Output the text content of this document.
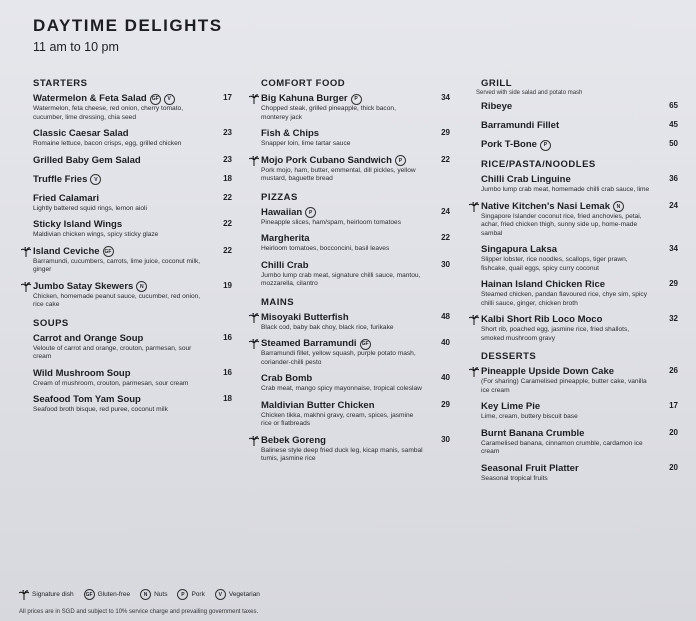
DAYTIME DELIGHTS
11 am to 10 pm
STARTERS
Watermelon & Feta Salad	GF	V	17
Watermelon, feta cheese, red onion, cherry tomato, cucumber, lime dressing, chia seed
Classic Caesar Salad	23
Romaine lettuce, bacon crisps, egg, grilled chicken
Grilled Baby Gem Salad	23
Truffle Fries	V	18
Fried Calamari	22
Lightly battered squid rings, lemon aioli
Sticky Island Wings	22
Maldivian chicken wings, spicy sticky glaze
Island Ceviche	GF	22
Barramundi, cucumbers, carrots, lime juice, coconut milk, ginger
Jumbo Satay Skewers	N	19
Chicken, homemade peanut sauce, cucumber, red onion, rice cake
SOUPS
Carrot and Orange Soup	16
Veloute of carrot and orange, crouton, parmesan, sour cream
Wild Mushroom Soup	16
Cream of mushroom, crouton, parmesan, sour cream
Seafood Tom Yam Soup	18
Seafood broth bisque, red puree, coconut milk
COMFORT FOOD
Big Kahuna Burger	P	34
Chopped steak, grilled pineapple, thick bacon, monterey jack
Fish & Chips	29
Snapper loin, lime tartar sauce
Mojo Pork Cubano Sandwich	P	22
Pork mojo, ham, butter, emmental, dill pickles, yellow mustard, baguette bread
PIZZAS
Hawaiian	P	24
Pineapple slices, ham/spam, heirloom tomatoes
Margherita	22
Heirloom tomatoes, bocconcini, basil leaves
Chilli Crab	30
Jumbo lump crab meat, signature chilli sauce, mantou, mozzarella, cilantro
MAINS
Misoyaki Butterfish	48
Black cod, baby bak choy, black rice, furikake
Steamed Barramundi	GF	40
Barramundi fillet, yellow squash, purple potato mash, coriander-chilli pesto
Crab Bomb	40
Crab meat, mango spicy mayonnaise, tropical coleslaw
Maldivian Butter Chicken	29
Chicken tikka, makhni gravy, cream, spices, jasmine rice or flatbreads
Bebek Goreng	30
Balinese style deep fried duck leg, kicap manis, sambal tumis, jasmine rice
GRILL
Served with side salad and potato mash
Ribeye	65
Barramundi Fillet	45
Pork T-Bone	P	50
RICE/PASTA/NOODLES
Chilli Crab Linguine	36
Jumbo lump crab meat, homemade chilli crab sauce, lime
Native Kitchen's Nasi Lemak	N	24
Singapore Islander coconut rice, fried anchovies, petai, achar, fried chicken thigh, sunny side up, home-made sambal
Singapura Laksa	34
Slipper lobster, rice noodles, scallops, tiger prawn, fishcake, quail eggs, spicy curry coconut
Hainan Island Chicken Rice	29
Steamed chicken, pandan flavoured rice, chye sim, spicy chilli sauce, ginger, chicken broth
Kalbi Short Rib Loco Moco	32
Short rib, poached egg, jasmine rice, fried shallots, smoked mushroom gravy
DESSERTS
Pineapple Upside Down Cake	26
(For sharing) Caramelised pineapple, butter cake, vanilla ice cream
Key Lime Pie	17
Lime, cream, buttery biscuit base
Burnt Banana Crumble	20
Caramelised banana, cinnamon crumble, cardamon ice cream
Seasonal Fruit Platter	20
Seasonal tropical fruits
Signature dish	GF Gluten-free	N	Nuts	P	Pork	V	Vegetarian
All prices are in SGD and subject to 10% service charge and prevailing government taxes.
